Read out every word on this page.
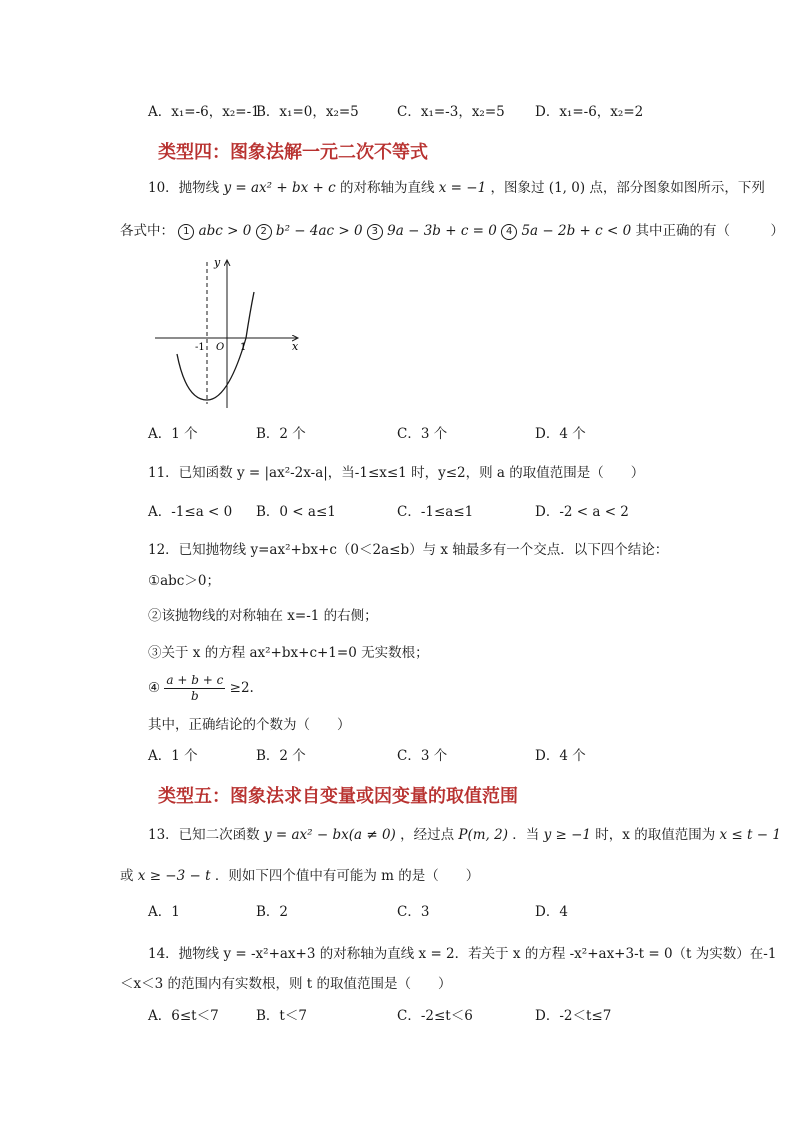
A．x₁=-6，x₂=-1
B．x₁=0，x₂=5	C．x₁=-3，x₂=5 D．x₁=-6，x₂=2
类型四：图象法解一元二次不等式
10．抛物线 y = ax² + bx + c 的对称轴为直线 x = −1 ，图象过 (1, 0) 点，部分图象如图所示，下列
各式中： 1 abc > 0 2 b² − 4ac > 0 3 9a − 3b + c = 0 4 5a − 2b + c < 0 其中正确的有（　　　）
y
x
O
-1	1
A．1 个	B．2 个	C．3 个	D．4 个
11．已知函数 y = |ax²-2x-a|，当-1≤x≤1 时，y≤2，则 a 的取值范围是（　　）
A．-1≤a < 0 B．0 < a≤1	C．-1≤a≤1	D．-2 < a < 2
12．已知抛物线 y=ax²+bx+c（0＜2a≤b）与 x 轴最多有一个交点．以下四个结论：
①abc＞0；
②该抛物线的对称轴在 x=-1 的右侧；
③关于 x 的方程 ax²+bx+c+1=0 无实数根；
④ $\frac{a + b + c}{b} \ge 2$.
其中，正确结论的个数为（　　）
A．1 个	B．2 个	C．3 个	D．4 个
类型五：图象法求自变量或因变量的取值范围
13．已知二次函数 y = ax² − bx(a ≠ 0) ，经过点 P(m, 2) ．当 y ≥ −1 时，x 的取值范围为 x ≤ t − 1
或 x ≥ −3 − t ．则如下四个值中有可能为 m 的是（　　）
A．1	B．2	C．3	D．4
14．抛物线 y = -x²+ax+3 的对称轴为直线 x = 2．若关于 x 的方程 -x²+ax+3-t = 0（t 为实数）在-1
＜x＜3 的范围内有实数根，则 t 的取值范围是（　　）
A．6≤t＜7	B．t＜7	C．-2≤t＜6	D．-2＜t≤7
